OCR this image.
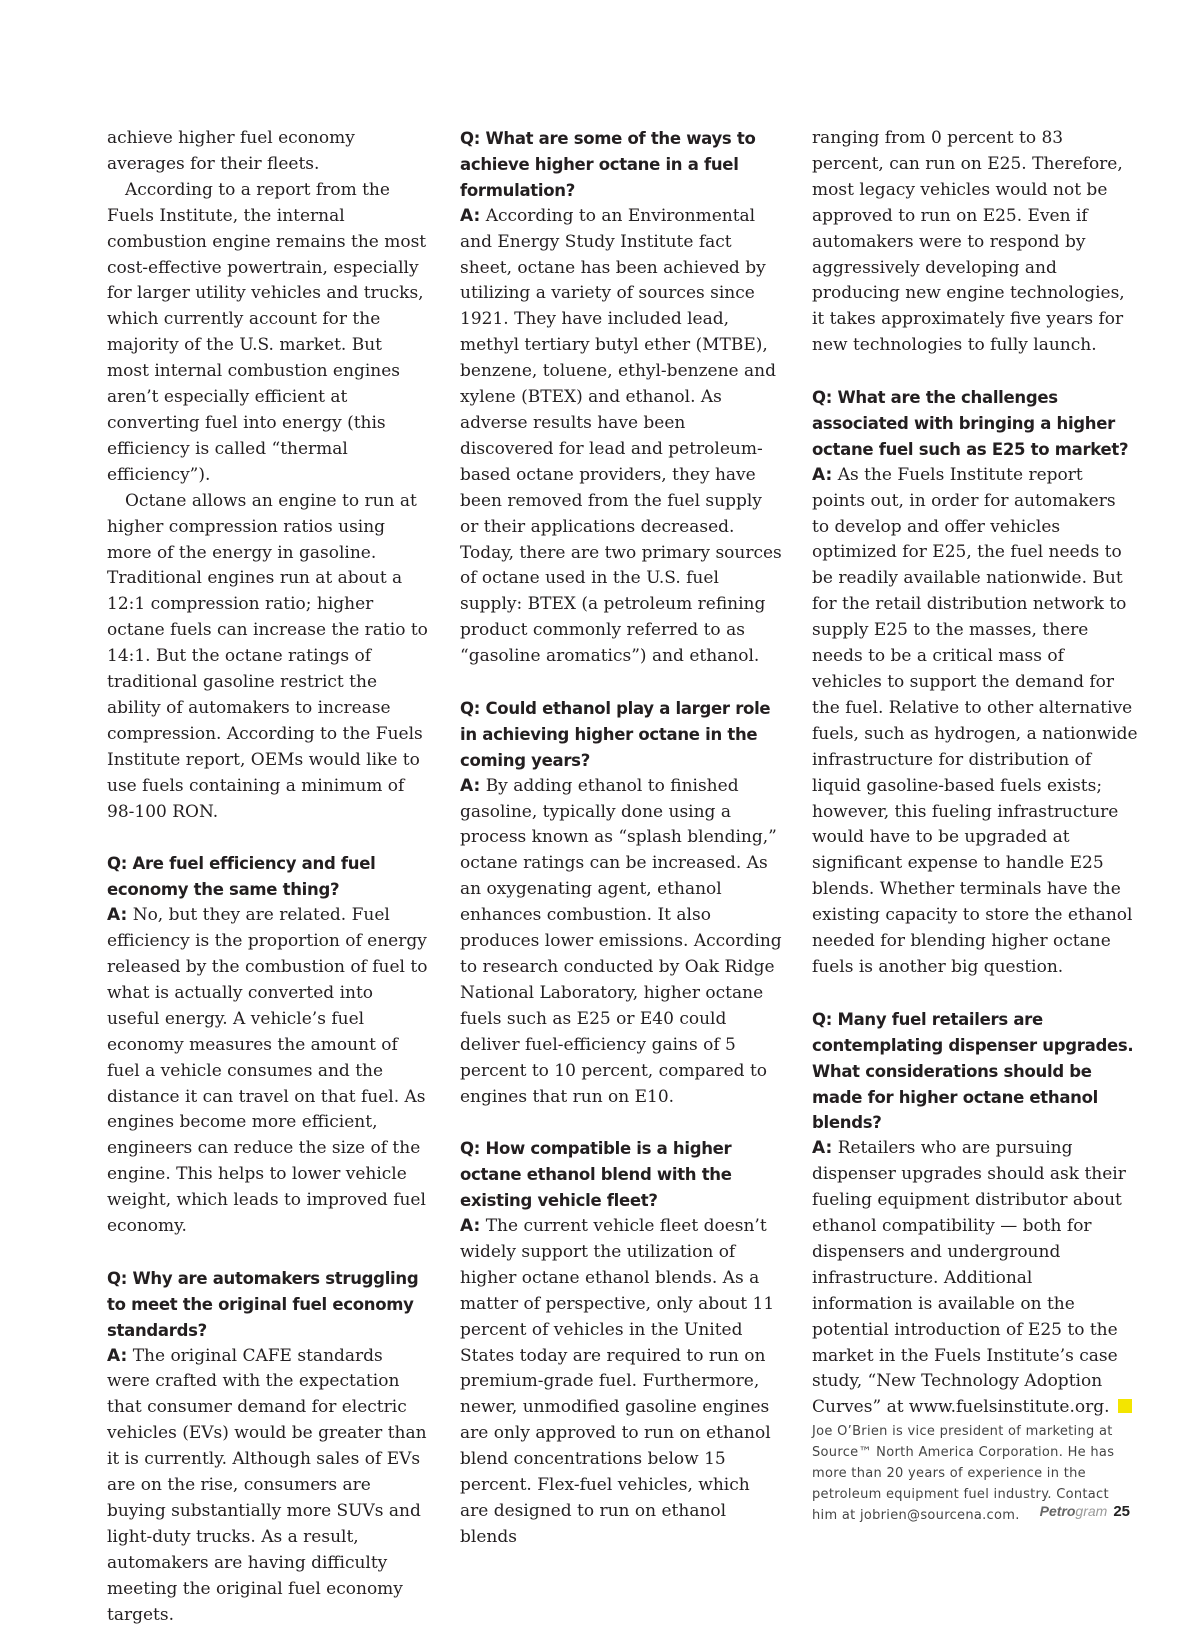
achieve higher fuel economy averages for their fleets.

According to a report from the Fuels Institute, the internal combustion engine remains the most cost-effective powertrain, especially for larger utility vehicles and trucks, which currently account for the majority of the U.S. market. But most internal combustion engines aren’t especially efficient at converting fuel into energy (this efficiency is called “thermal efficiency”).

Octane allows an engine to run at higher compression ratios using more of the energy in gasoline. Traditional engines run at about a 12:1 compression ratio; higher octane fuels can increase the ratio to 14:1. But the octane ratings of traditional gasoline restrict the ability of automakers to increase compression. According to the Fuels Institute report, OEMs would like to use fuels containing a minimum of 98-100 RON.

Q: Are fuel efficiency and fuel economy the same thing?

A: No, but they are related. Fuel efficiency is the proportion of energy released by the combustion of fuel to what is actually converted into useful energy. A vehicle’s fuel economy measures the amount of fuel a vehicle consumes and the distance it can travel on that fuel. As engines become more efficient, engineers can reduce the size of the engine. This helps to lower vehicle weight, which leads to improved fuel economy.

Q: Why are automakers struggling to meet the original fuel economy standards?

A: The original CAFE standards were crafted with the expectation that consumer demand for electric vehicles (EVs) would be greater than it is currently. Although sales of EVs are on the rise, consumers are buying substantially more SUVs and light-duty trucks. As a result, automakers are having difficulty meeting the original fuel economy targets.

Q: What are some of the ways to achieve higher octane in a fuel formulation?

A: According to an Environmental and Energy Study Institute fact sheet, octane has been achieved by utilizing a variety of sources since 1921. They have included lead, methyl tertiary butyl ether (MTBE), benzene, toluene, ethyl-benzene and xylene (BTEX) and ethanol. As adverse results have been discovered for lead and petroleum-based octane providers, they have been removed from the fuel supply or their applications decreased. Today, there are two primary sources of octane used in the U.S. fuel supply: BTEX (a petroleum refining product commonly referred to as “gasoline aromatics”) and ethanol.

Q: Could ethanol play a larger role in achieving higher octane in the coming years?

A: By adding ethanol to finished gasoline, typically done using a process known as “splash blending,” octane ratings can be increased. As an oxygenating agent, ethanol enhances combustion. It also produces lower emissions. According to research conducted by Oak Ridge National Laboratory, higher octane fuels such as E25 or E40 could deliver fuel-efficiency gains of 5 percent to 10 percent, compared to engines that run on E10.

Q: How compatible is a higher octane ethanol blend with the existing vehicle fleet?

A: The current vehicle fleet doesn’t widely support the utilization of higher octane ethanol blends. As a matter of perspective, only about 11 percent of vehicles in the United States today are required to run on premium-grade fuel. Furthermore, newer, unmodified gasoline engines are only approved to run on ethanol blend concentrations below 15 percent. Flex-fuel vehicles, which are designed to run on ethanol blends

ranging from 0 percent to 83 percent, can run on E25. Therefore, most legacy vehicles would not be approved to run on E25. Even if automakers were to respond by aggressively developing and producing new engine technologies, it takes approximately five years for new technologies to fully launch.

Q: What are the challenges associated with bringing a higher octane fuel such as E25 to market?

A: As the Fuels Institute report points out, in order for automakers to develop and offer vehicles optimized for E25, the fuel needs to be readily available nationwide. But for the retail distribution network to supply E25 to the masses, there needs to be a critical mass of vehicles to support the demand for the fuel. Relative to other alternative fuels, such as hydrogen, a nationwide infrastructure for distribution of liquid gasoline-based fuels exists; however, this fueling infrastructure would have to be upgraded at significant expense to handle E25 blends. Whether terminals have the existing capacity to store the ethanol needed for blending higher octane fuels is another big question.

Q: Many fuel retailers are contemplating dispenser upgrades. What considerations should be made for higher octane ethanol blends?

A: Retailers who are pursuing dispenser upgrades should ask their fueling equipment distributor about ethanol compatibility — both for dispensers and underground infrastructure. Additional information is available on the potential introduction of E25 to the market in the Fuels Institute’s case study, “New Technology Adoption Curves” at www.fuelsinstitute.org.

Joe O’Brien is vice president of marketing at Source™ North America Corporation. He has more than 20 years of experience in the petroleum equipment fuel industry. Contact him at jobrien@sourcena.com.	Petrogram 25
